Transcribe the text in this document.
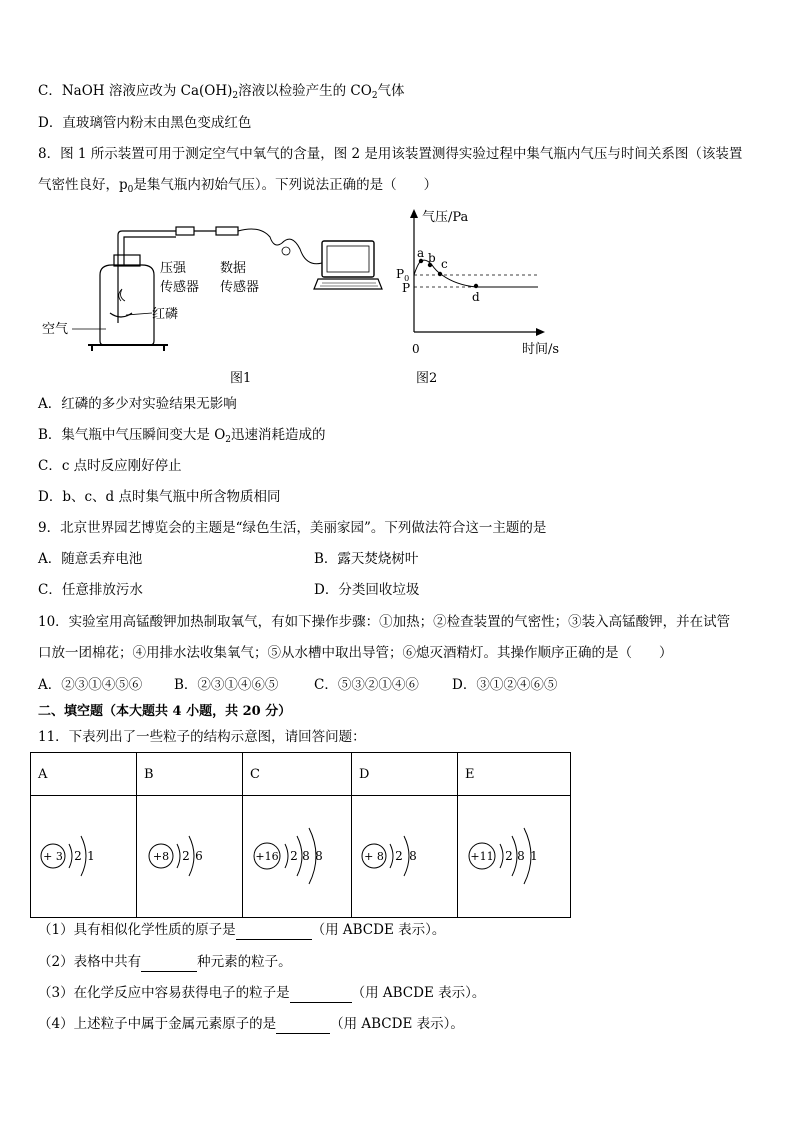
C．NaOH 溶液应改为 $Ca(OH)_2$溶液以检验产生的 $CO_2$气体
D．直玻璃管内粉末由黑色变成红色
8．图 1 所示装置可用于测定空气中氧气的含量，图 2 是用该装置测得实验过程中集气瓶内气压与时间关系图（该装置
气密性良好，$p_0$是集气瓶内初始气压）。下列说法正确的是（　　）
红磷
空气
压强
传感器
数据
传感器
图1
气压/Pa
时间/s
0
$P_0$
P
a b c
d
图2
A．红磷的多少对实验结果无影响
B．集气瓶中气压瞬间变大是 $O_2$迅速消耗造成的
C．c 点时反应刚好停止
D．b、c、d 点时集气瓶中所含物质相同
9．北京世界园艺博览会的主题是“绿色生活，美丽家园”。下列做法符合这一主题的是
A．随意丢弃电池	B．露天焚烧树叶
C．任意排放污水	D．分类回收垃圾
10．实验室用高锰酸钾加热制取氧气，有如下操作步骤：①加热；②检查装置的气密性；③装入高锰酸钾，并在试管
口放一团棉花；④用排水法收集氧气；⑤从水槽中取出导管；⑥熄灭酒精灯。其操作顺序正确的是（　　）
A．②③①④⑤⑥ B．②③①④⑥⑤	C．⑤③②①④⑥ D．③①②④⑥⑤
二、填空题（本大题共 4 小题，共 20 分）
11．下表列出了一些粒子的结构示意图，请回答问题：
A	B	C	D	E

+ 3 2 1	+8 2 6	+16 2 8 8	+ 8 2 8	+11 2 8 1
（1）具有相似化学性质的原子是	（用 ABCDE 表示）。
（2）表格中共有	种元素的粒子。
（3）在化学反应中容易获得电子的粒子是	（用 ABCDE 表示）。
（4）上述粒子中属于金属元素原子的是	（用 ABCDE 表示）。
